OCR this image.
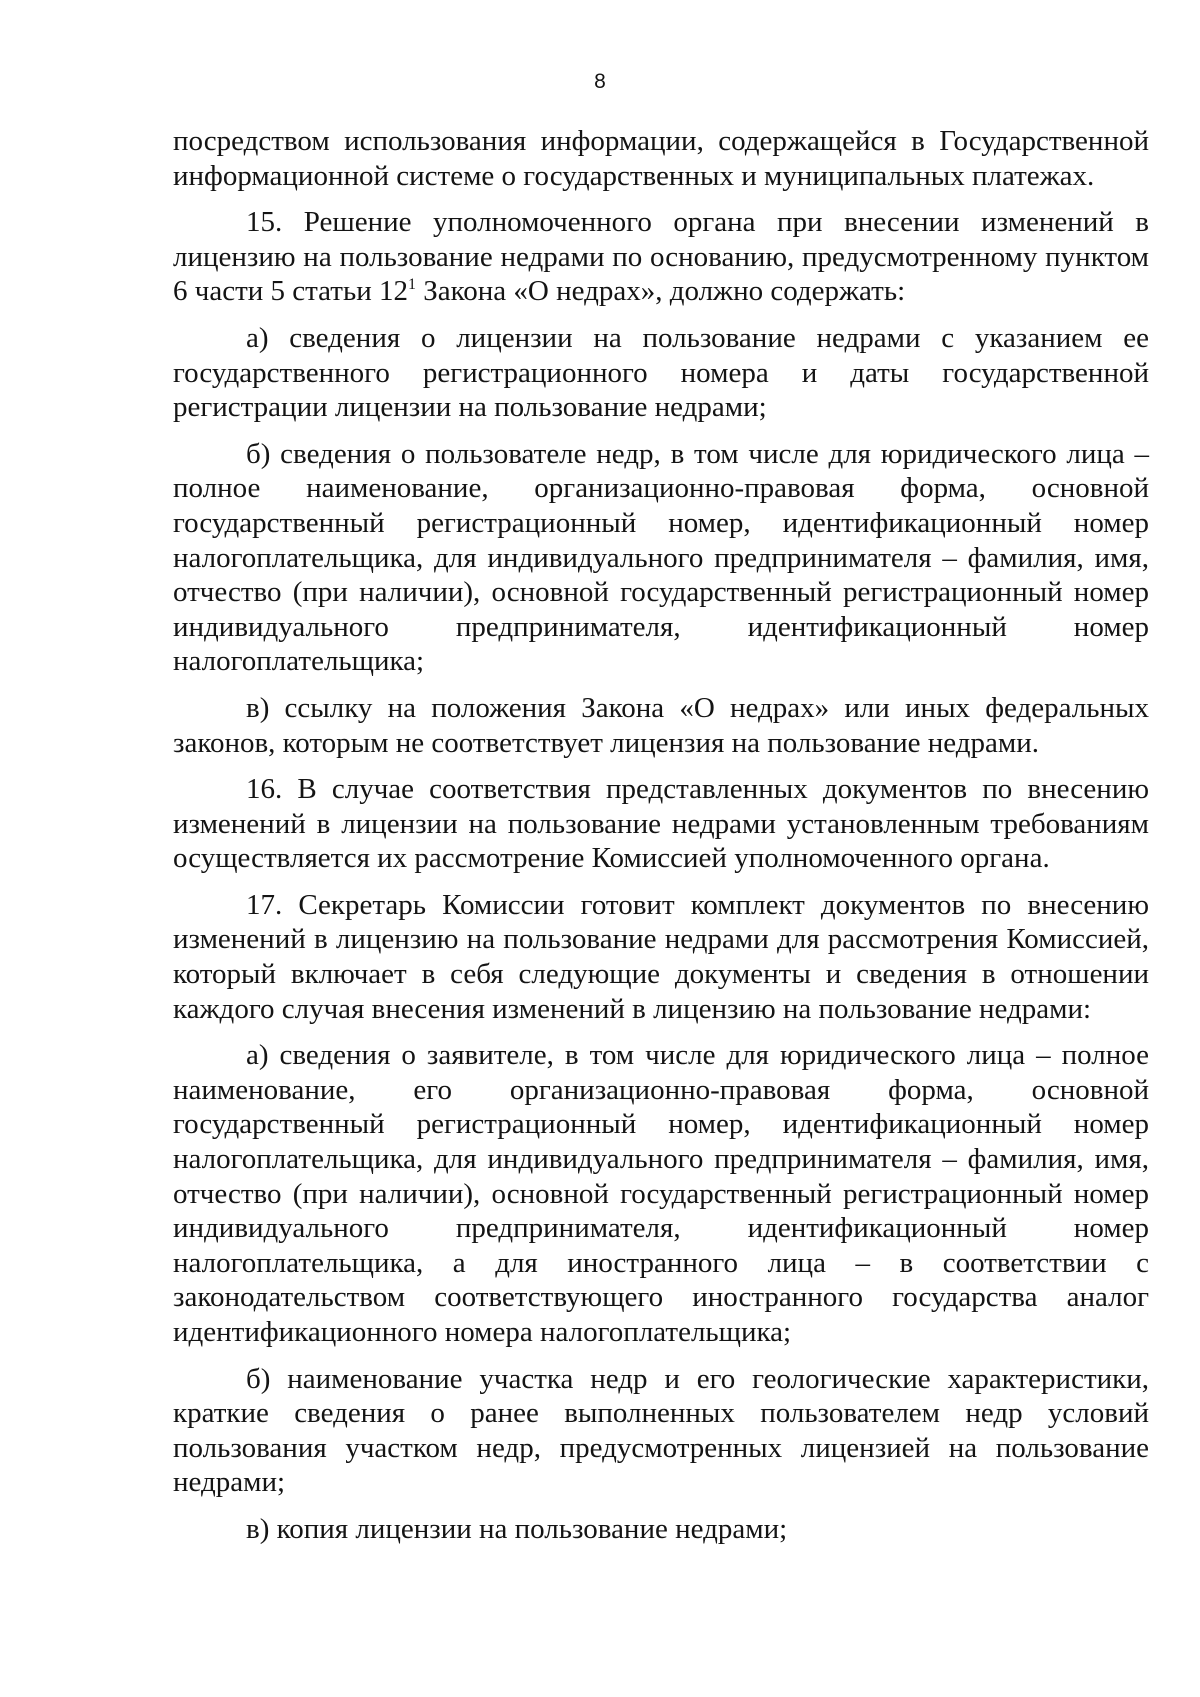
8

посредством использования информации, содержащейся в Государственной информационной системе о государственных и муниципальных платежах.

15. Решение уполномоченного органа при внесении изменений в лицензию на пользование недрами по основанию, предусмотренному пунктом 6 части 5 статьи $12^1$ Закона «О недрах», должно содержать:

а) сведения о лицензии на пользование недрами с указанием ее государственного регистрационного номера и даты государственной регистрации лицензии на пользование недрами;

б) сведения о пользователе недр, в том числе для юридического лица – полное наименование, организационно-правовая форма, основной государственный регистрационный номер, идентификационный номер налогоплательщика, для индивидуального предпринимателя – фамилия, имя, отчество (при наличии), основной государственный регистрационный номер индивидуального предпринимателя, идентификационный номер налогоплательщика;

в) ссылку на положения Закона «О недрах» или иных федеральных законов, которым не соответствует лицензия на пользование недрами.

16. В случае соответствия представленных документов по внесению изменений в лицензии на пользование недрами установленным требованиям осуществляется их рассмотрение Комиссией уполномоченного органа.

17. Секретарь Комиссии готовит комплект документов по внесению изменений в лицензию на пользование недрами для рассмотрения Комиссией, который включает в себя следующие документы и сведения в отношении каждого случая внесения изменений в лицензию на пользование недрами:

а) сведения о заявителе, в том числе для юридического лица – полное наименование, его организационно-правовая форма, основной государственный регистрационный номер, идентификационный номер налогоплательщика, для индивидуального предпринимателя – фамилия, имя, отчество (при наличии), основной государственный регистрационный номер индивидуального предпринимателя, идентификационный номер налогоплательщика, а для иностранного лица – в соответствии с законодательством соответствующего иностранного государства аналог идентификационного номера налогоплательщика;

б) наименование участка недр и его геологические характеристики, краткие сведения о ранее выполненных пользователем недр условий пользования участком недр, предусмотренных лицензией на пользование недрами;

в) копия лицензии на пользование недрами;
